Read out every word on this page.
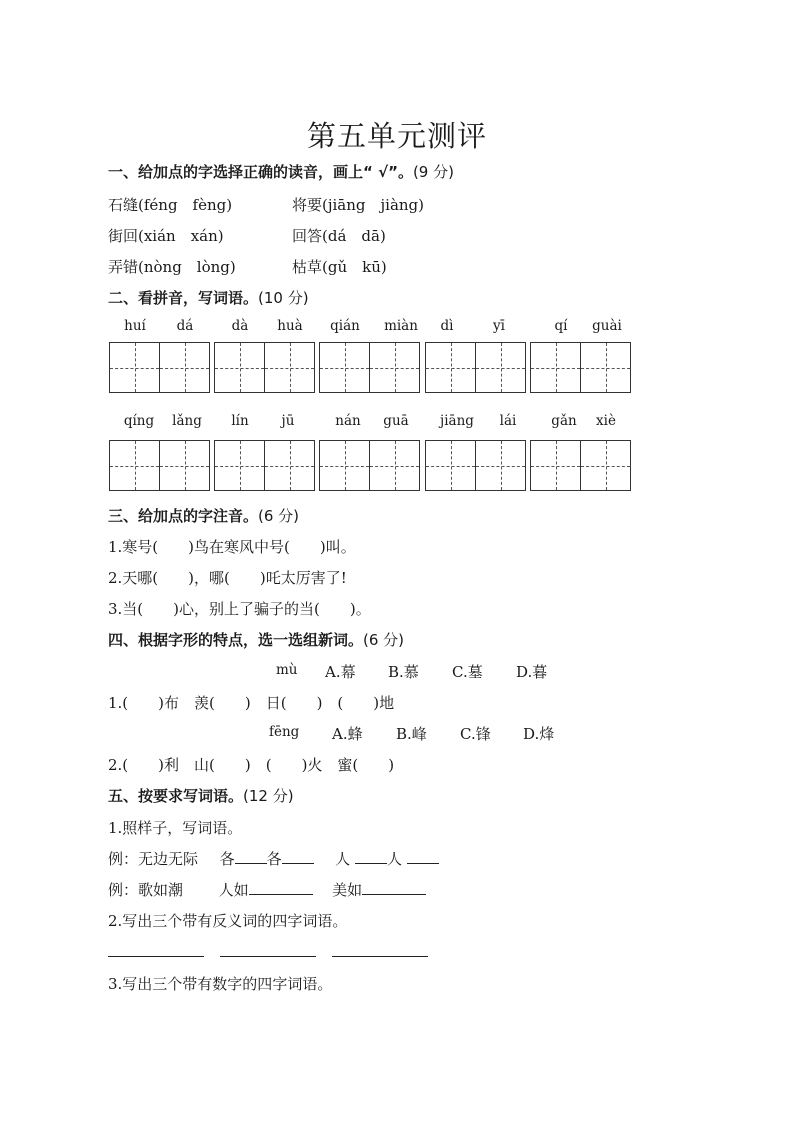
第五单元测评
一、给加点的字选择正确的读音，画上“ √”。(9 分)
石缝(féng　fèng)	将要(jiāng　jiàng)
街回(xián　xán)	回答(dá　dā)
弄错(nòng　lòng)	枯草(gǔ　kū)
二、看拼音，写词语。(10 分)
huí	dá	dà	huà	qián	miàn	dì	yī	qí	guài
qíng	lǎng	lín	jū	nán	guā	jiāng	lái	gǎn	xiè
三、给加点的字注音。(6 分)
1.寒号(　　)鸟在寒风中号(　　)叫。
2.天哪(　　)，哪(　　)吒太厉害了!
3.当(　　)心，别上了骗子的当(　　)。
四、根据字形的特点，选一选组新词。(6 分)
mù A.幕 B.慕 C.墓 D.暮
1.(　　)布　羡(　　)　日(　　)　(　　)地
fēng A.蜂 B.峰 C.锋 D.烽
2.(　　)利　山(　　)　(　　)火　蜜(　　)
五、按要求写词语。(12 分)
1.照样子，写词语。
例：无边无际 各 各	人 人
例：歌如潮 人如	美如
2.写出三个带有反义词的四字词语。
3.写出三个带有数字的四字词语。
